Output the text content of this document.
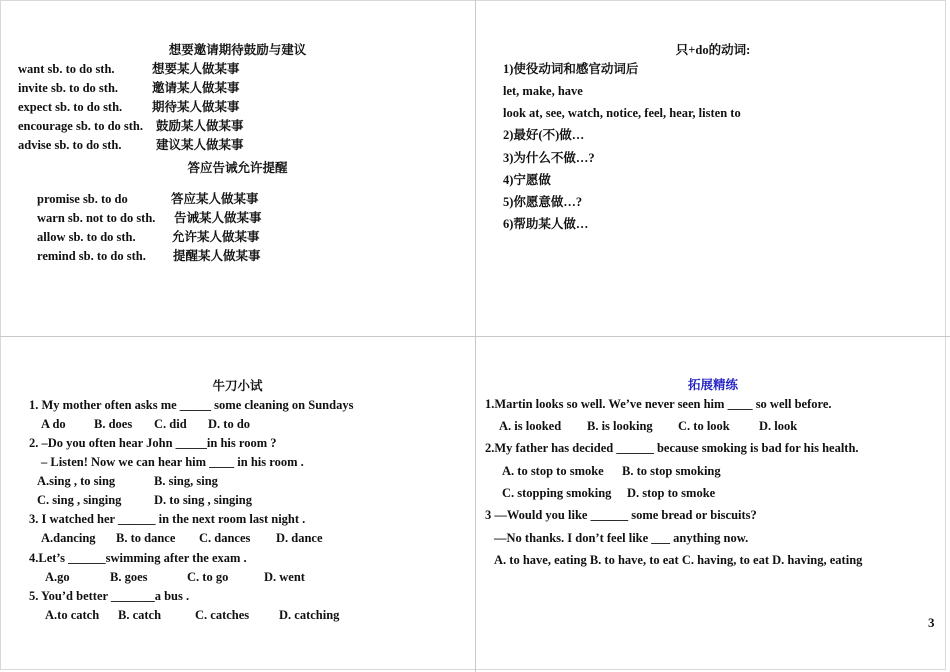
想要邀请期待鼓励与建议
want sb. to do sth.	想要某人做某事
invite sb. to do sth.	邀请某人做某事
expect sb. to do sth. 期待某人做某事
encourage sb. to do sth. 鼓励某人做某事
advise sb. to do sth.	建议某人做某事
答应告诫允许提醒
promise sb. to do	答应某人做某事
warn sb. not to do sth. 告诫某人做某事
allow sb. to do sth.	允许某人做某事
remind sb. to do sth. 提醒某人做某事
只+do的动词:
1)使役动词和感官动词后
let, make, have
look at, see, watch, notice, feel, hear, listen to
2)最好(不)做…
3)为什么不做…?
4)宁愿做
5)你愿意做…?
6)帮助某人做…
牛刀小试
1. My mother often asks me _____ some cleaning on Sundays
A do B. does C. did D. to do
2. –Do you often hear John _____in his room ?
– Listen! Now we can hear him ____ in his room .
A.sing , to sing	B. sing, sing
C. sing , singing	D. to sing , singing
3. I watched her ______ in the next room last night .
A.dancing B. to dance C. dances D. dance
4.Let’s ______swimming after the exam .
A.go	B. goes	C. to go	D. went
5. You’d better _______a bus .
A.to catch B. catch	C. catches D. catching
拓展精练
1.Martin looks so well. We’ve never seen him ____ so well before.
A. is looked B. is looking C. to look D. look
2.My father has decided ______ because smoking is bad for his health.
A. to stop to smoke B. to stop smoking
C. stopping smoking D. stop to smoke
3 —Would you like ______ some bread or biscuits?
—No thanks. I don’t feel like ___ anything now.
A. to have, eating B. to have, to eat C. having, to eat D. having, eating
3
